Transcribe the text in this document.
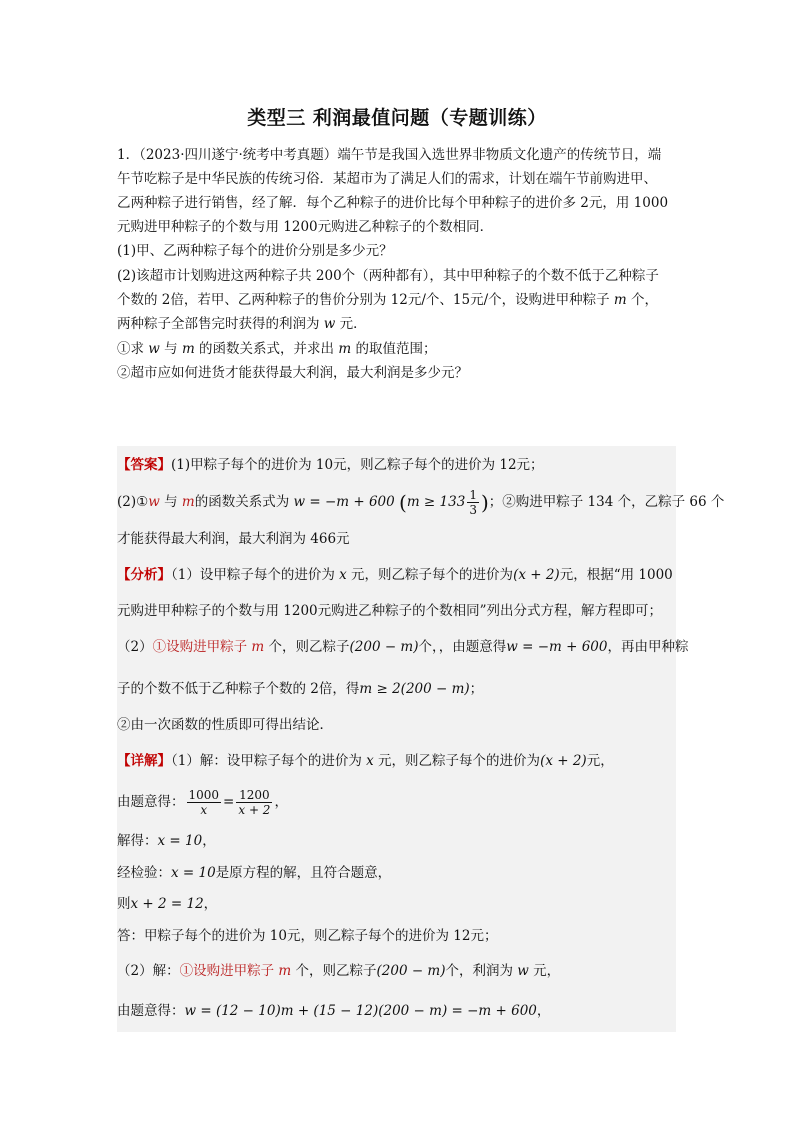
类型三 利润最值问题（专题训练）
1．（2023·四川遂宁·统考中考真题）端午节是我国入选世界非物质文化遗产的传统节日，端
午节吃粽子是中华民族的传统习俗．某超市为了满足人们的需求，计划在端午节前购进甲、
乙两种粽子进行销售，经了解．每个乙种粽子的进价比每个甲种粽子的进价多 2元，用 1000
元购进甲种粽子的个数与用 1200元购进乙种粽子的个数相同．
(1)甲、乙两种粽子每个的进价分别是多少元？
(2)该超市计划购进这两种粽子共 200个（两种都有），其中甲种粽子的个数不低于乙种粽子
个数的 2倍，若甲、乙两种粽子的售价分别为 12元/个、15元/个，设购进甲种粽子 m 个，
两种粽子全部售完时获得的利润为 w 元．
①求 w 与 m 的函数关系式，并求出 m 的取值范围；
②超市应如何进货才能获得最大利润，最大利润是多少元？
【答案】(1)甲粽子每个的进价为 10元，则乙粽子每个的进价为 12元；
(2)①w 与 m的函数关系式为 w = −m + 600 ($m \ge 133 \frac{1}{3}$ )；②购进甲粽子 134 个，乙粽子 66 个
才能获得最大利润，最大利润为 466元
【分析】（1）设甲粽子每个的进价为 x 元，则乙粽子每个的进价为(x + 2)元，根据“用 1000
元购进甲种粽子的个数与用 1200元购进乙种粽子的个数相同”列出分式方程，解方程即可；
（2）①设购进甲粽子 m 个，则乙粽子(200 − m)个，，由题意得w = −m + 600，再由甲种粽
子的个数不低于乙种粽子个数的 2倍，得m ≥ 2(200 − m)；
②由一次函数的性质即可得出结论．
【详解】（1）解：设甲粽子每个的进价为 x 元，则乙粽子每个的进价为(x + 2)元，
由题意得： $\frac{1000}{x} = \frac{1200}{x + 2}$ ，
解得：x = 10，
经检验：x = 10是原方程的解，且符合题意，
则x + 2 = 12，
答：甲粽子每个的进价为 10元，则乙粽子每个的进价为 12元；
（2）解：①设购进甲粽子 m 个，则乙粽子(200 − m)个，利润为 w 元，
由题意得：w = (12 − 10)m + (15 − 12)(200 − m) = −m + 600，
